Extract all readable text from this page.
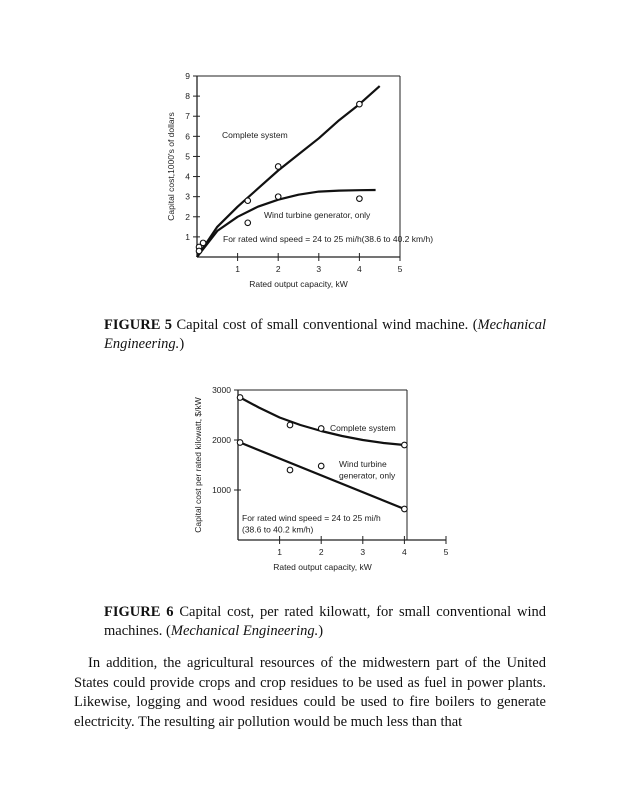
1
2
3
4
5
6
7
8
9
1	2	3	4	5
Rated output capacity, kW
Capital cost,1000's of dollars	Complete system
Wind turbine generator, only
For rated wind speed = 24 to 25 mi/h(38.6 to 40.2 km/h)
FIGURE 5 Capital cost of small conventional wind machine. (Mechanical Engineering.)
1000
2000
3000
1	2	3	4	5
Rated output capacity, kW
Capital cost per rated kilowatt, $/kW	Complete system
Wind turbine
generator, only
For rated wind speed = 24 to 25 mi/h
(38.6 to 40.2 km/h)
FIGURE 6 Capital cost, per rated kilowatt, for small conventional wind machines. (Mechanical Engineering.)
In addition, the agricultural resources of the midwestern part of the United States could provide crops and crop residues to be used as fuel in power plants. Likewise, logging and wood residues could be used to fire boilers to generate electricity. The resulting air pollution would be much less than that
